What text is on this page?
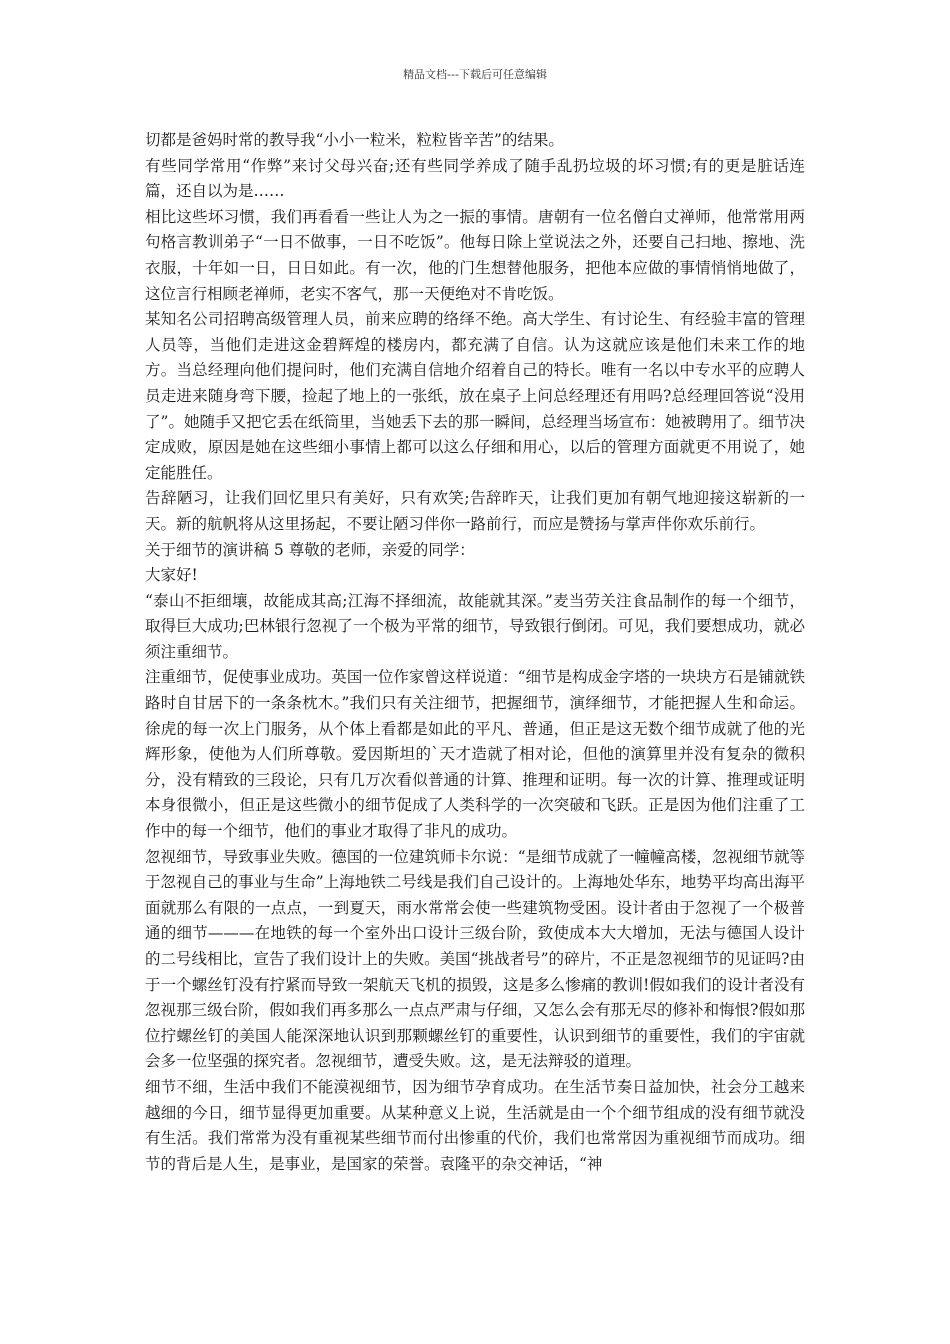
精品文档---下载后可任意编辑

切都是爸妈时常的教导我“小小一粒米，粒粒皆辛苦”的结果。

有些同学常用“作弊”来讨父母兴奋;还有些同学养成了随手乱扔垃圾的坏习惯;有的更是脏话连篇，还自以为是……

相比这些坏习惯，我们再看看一些让人为之一振的事情。唐朝有一位名僧白丈禅师，他常常用两句格言教训弟子“一日不做事，一日不吃饭”。他每日除上堂说法之外，还要自己扫地、擦地、洗衣服，十年如一日，日日如此。有一次，他的门生想替他服务，把他本应做的事情悄悄地做了，这位言行相顾老禅师，老实不客气，那一天便绝对不肯吃饭。

某知名公司招聘高级管理人员，前来应聘的络绎不绝。高大学生、有讨论生、有经验丰富的管理人员等，当他们走进这金碧辉煌的楼房内，都充满了自信。认为这就应该是他们未来工作的地方。当总经理向他们提问时，他们充满自信地介绍着自己的特长。唯有一名以中专水平的应聘人员走进来随身弯下腰，捡起了地上的一张纸，放在桌子上问总经理还有用吗?总经理回答说“没用了”。她随手又把它丢在纸筒里，当她丢下去的那一瞬间，总经理当场宣布：她被聘用了。细节决定成败，原因是她在这些细小事情上都可以这么仔细和用心，以后的管理方面就更不用说了，她定能胜任。

告辞陋习，让我们回忆里只有美好，只有欢笑;告辞昨天，让我们更加有朝气地迎接这崭新的一天。新的航帆将从这里扬起，不要让陋习伴你一路前行，而应是赞扬与掌声伴你欢乐前行。

关于细节的演讲稿 5 尊敬的老师，亲爱的同学：

大家好!

“泰山不拒细壤，故能成其高;江海不择细流，故能就其深。”麦当劳关注食品制作的每一个细节，取得巨大成功;巴林银行忽视了一个极为平常的细节，导致银行倒闭。可见，我们要想成功，就必须注重细节。

注重细节，促使事业成功。英国一位作家曾这样说道：“细节是构成金字塔的一块块方石是铺就铁路时自甘居下的一条条枕木。”我们只有关注细节，把握细节，演绎细节，才能把握人生和命运。徐虎的每一次上门服务，从个体上看都是如此的平凡、普通，但正是这无数个细节成就了他的光辉形象，使他为人们所尊敬。爱因斯坦的`天才造就了相对论，但他的演算里并没有复杂的微积分，没有精致的三段论，只有几万次看似普通的计算、推理和证明。每一次的计算、推理或证明本身很微小，但正是这些微小的细节促成了人类科学的一次突破和飞跃。正是因为他们注重了工作中的每一个细节，他们的事业才取得了非凡的成功。

忽视细节，导致事业失败。德国的一位建筑师卡尔说：“是细节成就了一幢幢高楼，忽视细节就等于忽视自己的事业与生命”上海地铁二号线是我们自己设计的。上海地处华东，地势平均高出海平面就那么有限的一点点，一到夏天，雨水常常会使一些建筑物受困。设计者由于忽视了一个极普通的细节———在地铁的每一个室外出口设计三级台阶，致使成本大大增加，无法与德国人设计的二号线相比，宣告了我们设计上的失败。美国“挑战者号”的碎片，不正是忽视细节的见证吗?由于一个螺丝钉没有拧紧而导致一架航天飞机的损毁，这是多么惨痛的教训!假如我们的设计者没有忽视那三级台阶，假如我们再多那么一点点严肃与仔细，又怎么会有那无尽的修补和悔恨?假如那位拧螺丝钉的美国人能深深地认识到那颗螺丝钉的重要性，认识到细节的重要性，我们的宇宙就会多一位坚强的探究者。忽视细节，遭受失败。这，是无法辩驳的道理。

细节不细，生活中我们不能漠视细节，因为细节孕育成功。在生活节奏日益加快，社会分工越来越细的今日，细节显得更加重要。从某种意义上说，生活就是由一个个细节组成的没有细节就没有生活。我们常常为没有重视某些细节而付出惨重的代价，我们也常常因为重视细节而成功。细节的背后是人生，是事业，是国家的荣誉。袁隆平的杂交神话，“神
